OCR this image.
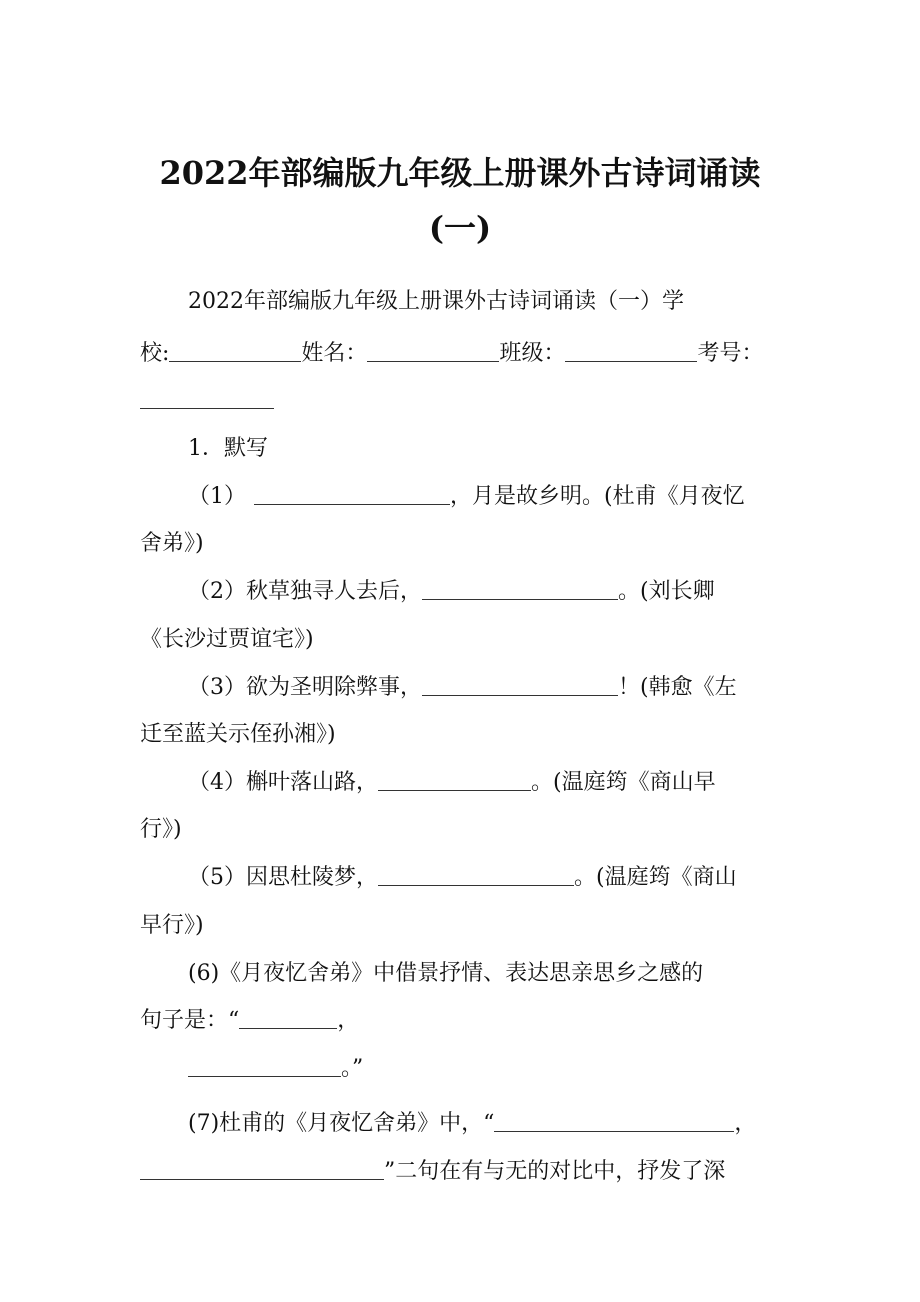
2022年部编版九年级上册课外古诗词诵读
(一)

2022年部编版九年级上册课外古诗词诵读（一）学

校:	姓名：	班级：	考号：

1．默写

（1）	，月是故乡明。(杜甫《月夜忆

舍弟》)

（2）秋草独寻人去后，	。(刘长卿

《长沙过贾谊宅》)

（3）欲为圣明除弊事，	！(韩愈《左

迁至蓝关示侄孙湘》)

（4）槲叶落山路，	。(温庭筠《商山早

行》)

（5）因思杜陵梦，	。(温庭筠《商山

早行》)

(6)《月夜忆舍弟》中借景抒情、表达思亲思乡之感的

句子是：“	，

。”

(7)杜甫的《月夜忆舍弟》中，“	，

”二句在有与无的对比中，抒发了深
